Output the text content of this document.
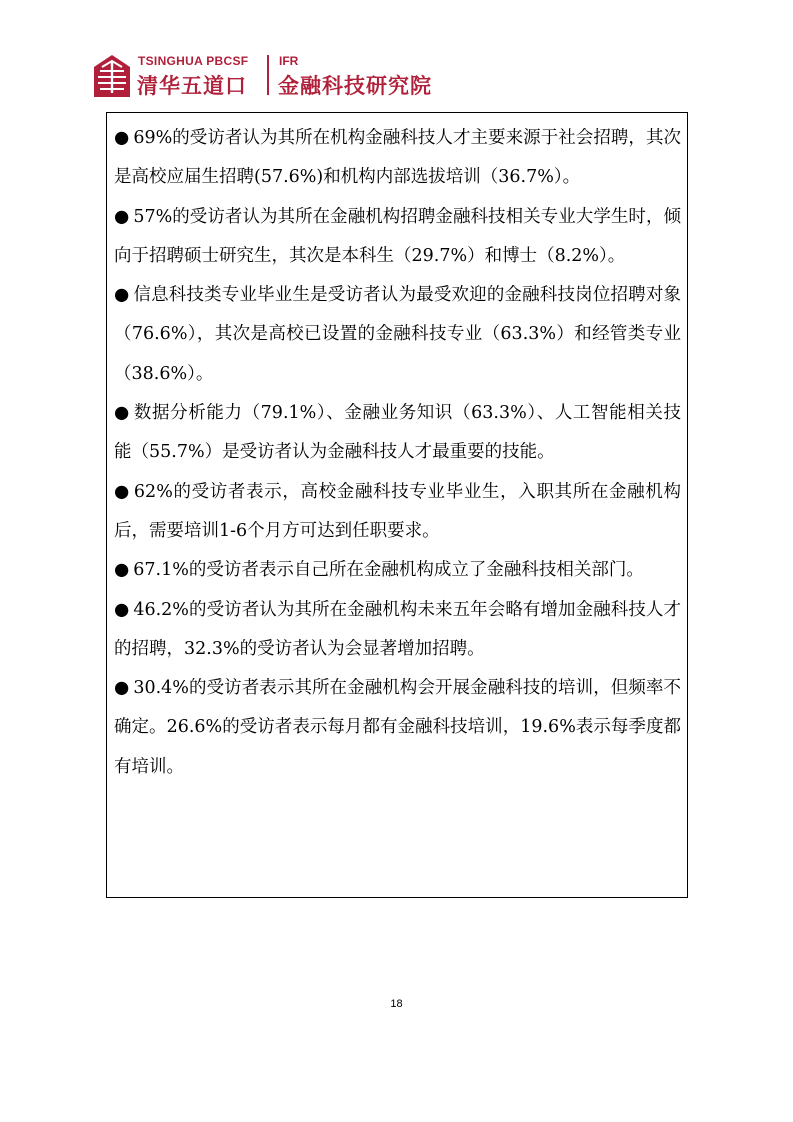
TSINGHUA PBCSF
清华五道口
IFR
金融科技研究院

● 69%的受访者认为其所在机构金融科技人才主要来源于社会招聘，其次是高校应届生招聘(57.6%)和机构内部选拔培训（36.7%）。

● 57%的受访者认为其所在金融机构招聘金融科技相关专业大学生时，倾向于招聘硕士研究生，其次是本科生（29.7%）和博士（8.2%）。

● 信息科技类专业毕业生是受访者认为最受欢迎的金融科技岗位招聘对象（76.6%），其次是高校已设置的金融科技专业（63.3%）和经管类专业（38.6%）。

● 数据分析能力（79.1%）、金融业务知识（63.3%）、人工智能相关技能（55.7%）是受访者认为金融科技人才最重要的技能。

● 62%的受访者表示，高校金融科技专业毕业生，入职其所在金融机构后，需要培训1-6个月方可达到任职要求。

● 67.1%的受访者表示自己所在金融机构成立了金融科技相关部门。

● 46.2%的受访者认为其所在金融机构未来五年会略有增加金融科技人才的招聘，32.3%的受访者认为会显著增加招聘。

● 30.4%的受访者表示其所在金融机构会开展金融科技的培训，但频率不确定。26.6%的受访者表示每月都有金融科技培训，19.6%表示每季度都有培训。

18
